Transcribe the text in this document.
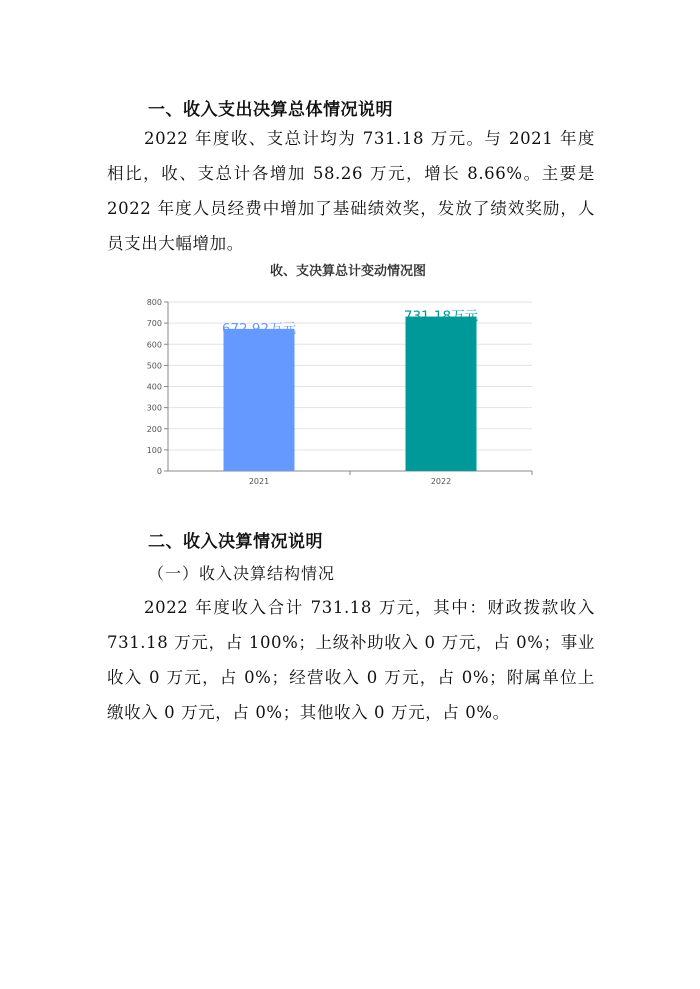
一、收入支出决算总体情况说明
2022 年度收、支总计均为 731.18 万元。与 2021 年度相比，收、支总计各增加 58.26 万元，增长 8.66%。主要是 2022 年度人员经费中增加了基础绩效奖，发放了绩效奖励，人员支出大幅增加。
收、支决算总计变动情况图
0
100
200
300
400
500
600
700
800
672.92万元
2021
731.18万元
2022
二、收入决算情况说明
（一）收入决算结构情况
2022 年度收入合计 731.18 万元，其中：财政拨款收入 731.18 万元，占 100%；上级补助收入 0 万元，占 0%；事业收入 0 万元，占 0%；经营收入 0 万元，占 0%；附属单位上缴收入 0 万元，占 0%；其他收入 0 万元，占 0%。
